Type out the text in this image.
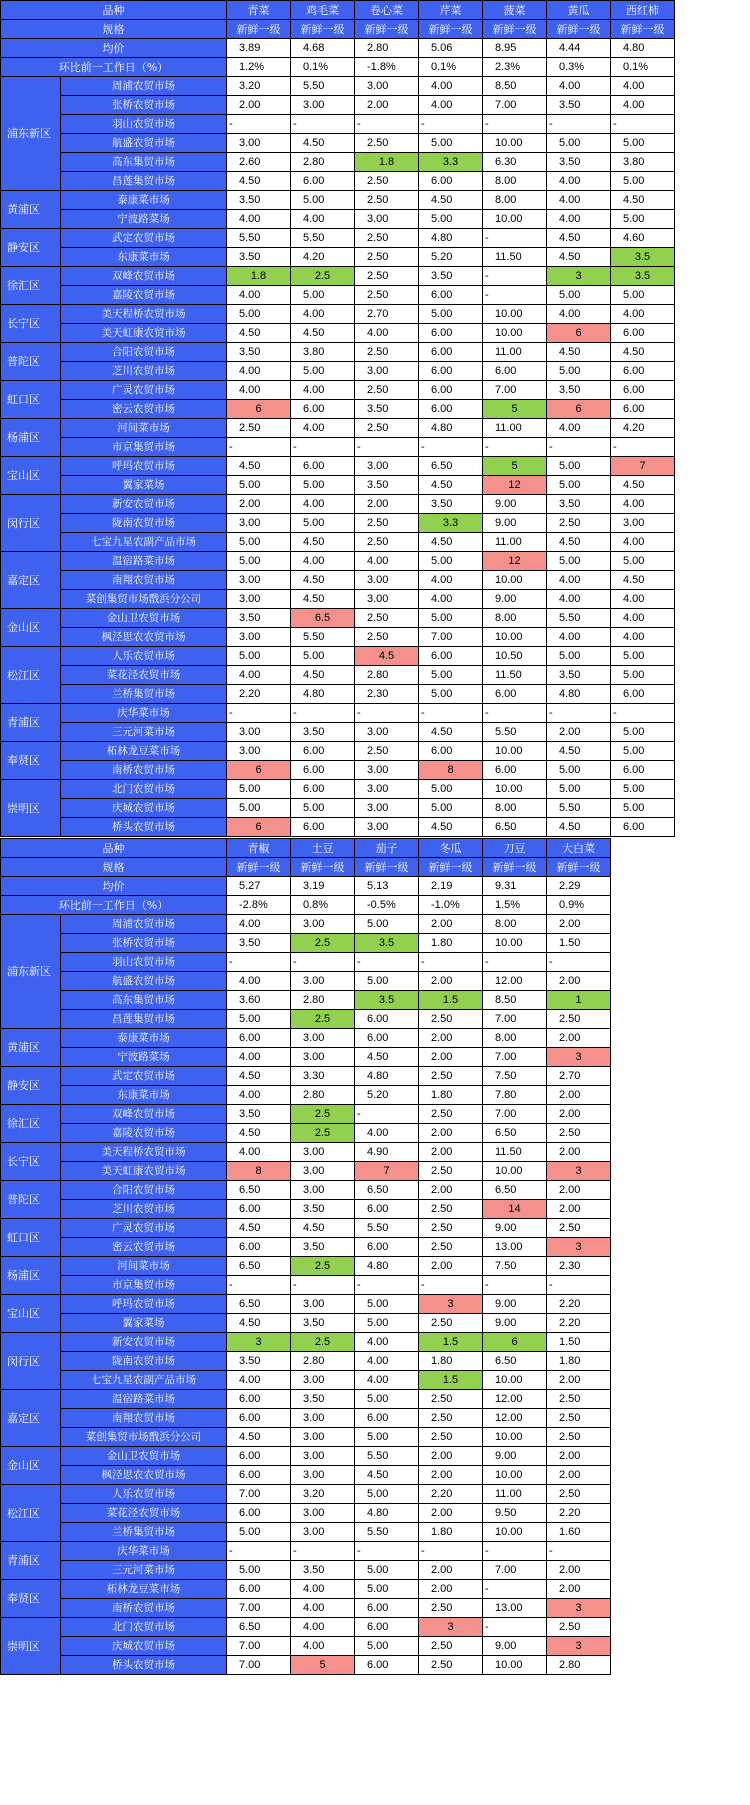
品种		青菜	鸡毛菜	卷心菜	芹菜	菠菜	黄瓜	西红柿
规格		新鲜一级	新鲜一级	新鲜一级	新鲜一级	新鲜一级	新鲜一级	新鲜一级
均价		3.89	4.68	2.80	5.06	8.95	4.44	4.80
环比前一工作日（%）		1.2%	0.1%	-1.8%	0.1%	2.3%	0.3%	0.1%
浦东新区	周浦农贸市场	3.20	5.50	3.00	4.00	8.50	4.00	4.00
	张桥农贸市场	2.00	3.00	2.00	4.00	7.00	3.50	4.00
	羽山农贸市场	-	-	-	-	-	-	-
	航盛农贸市场	3.00	4.50	2.50	5.00	10.00	5.00	5.00
	高东集贸市场	2.60	2.80	1.8	3.3	6.30	3.50	3.80
	昌莲集贸市场	4.50	6.00	2.50	6.00	8.00	4.00	5.00
黄浦区	泰康菜市场	3.50	5.00	2.50	4.50	8.00	4.00	4.50
	宁波路菜场	4.00	4.00	3.00	5.00	10.00	4.00	5.00
静安区	武定农贸市场	5.50	5.50	2.50	4.80	-	4.50	4.60
	东康菜市场	3.50	4.20	2.50	5.20	11.50	4.50	3.5
徐汇区	双峰农贸市场	1.8	2.5	2.50	3.50	-	3	3.5
	嘉陵农贸市场	4.00	5.00	2.50	6.00	-	5.00	5.00
长宁区	美天程桥农贸市场	5.00	4.00	2.70	5.00	10.00	4.00	4.00
	美天虹康农贸市场	4.50	4.50	4.00	6.00	10.00	6	6.00
普陀区	合阳农贸市场	3.50	3.80	2.50	6.00	11.00	4.50	4.50
	芝川农贸市场	4.00	5.00	3.00	6.00	6.00	5.00	6.00
虹口区	广灵农贸市场	4.00	4.00	2.50	6.00	7.00	3.50	6.00
	密云农贸市场	6	6.00	3.50	6.00	5	6	6.00
杨浦区	河间菜市场	2.50	4.00	2.50	4.80	11.00	4.00	4.20
	市京集贸市场	-	-	-	-	-	-	-
宝山区	呼玛农贸市场	4.50	6.00	3.00	6.50	5	5.00	7
	翼家菜场	5.00	5.00	3.50	4.50	12	5.00	4.50
闵行区	新安农贸市场	2.00	4.00	2.00	3.50	9.00	3.50	4.00
	陇南农贸市场	3.00	5.00	2.50	3.3	9.00	2.50	3.00
	七宝九星农副产品市场	5.00	4.50	2.50	4.50	11.00	4.50	4.00
嘉定区	温宿路菜市场	5.00	4.00	4.00	5.00	12	5.00	5.00
	南翔农贸市场	3.00	4.50	3.00	4.00	10.00	4.00	4.50
	菜创集贸市场戬浜分公司	3.00	4.50	3.00	4.00	9.00	4.00	4.00
金山区	金山卫农贸市场	3.50	6.5	2.50	5.00	8.00	5.50	4.00
	枫泾思农农贸市场	3.00	5.50	2.50	7.00	10.00	4.00	4.00
松江区	人乐农贸市场	5.00	5.00	4.5	6.00	10.50	5.00	5.00
	菜花泾农贸市场	4.00	4.50	2.80	5.00	11.50	3.50	5.00
	兰桥集贸市场	2.20	4.80	2.30	5.00	6.00	4.80	6.00
青浦区	庆华菜市场	-	-	-	-	-	-	-
	三元河菜市场	3.00	3.50	3.00	4.50	5.50	2.00	5.00
奉贤区	柘林龙豆菜市场	3.00	6.00	2.50	6.00	10.00	4.50	5.00
	南桥农贸市场	6	6.00	3.00	8	6.00	5.00	6.00
崇明区	北门农贸市场	5.00	6.00	3.00	5.00	10.00	5.00	5.00
	庆城农贸市场	5.00	5.00	3.00	5.00	8.00	5.50	5.00
	桥头农贸市场	6	6.00	3.00	4.50	6.50	4.50	6.00
品种		青椒	土豆	茄子	冬瓜	刀豆	大白菜
规格		新鲜一级	新鲜一级	新鲜一级	新鲜一级	新鲜一级	新鲜一级
均价		5.27	3.19	5.13	2.19	9.31	2.29
环比前一工作日（%）		-2.8%	0.8%	-0.5%	-1.0%	1.5%	0.9%
浦东新区	周浦农贸市场	4.00	3.00	5.00	2.00	8.00	2.00
	张桥农贸市场	3.50	2.5	3.5	1.80	10.00	1.50
	羽山农贸市场	-	-	-	-	-	-
	航盛农贸市场	4.00	3.00	5.00	2.00	12.00	2.00
	高东集贸市场	3.60	2.80	3.5	1.5	8.50	1
	昌莲集贸市场	5.00	2.5	6.00	2.50	7.00	2.50
黄浦区	泰康菜市场	6.00	3.00	6.00	2.00	8.00	2.00
	宁波路菜场	4.00	3.00	4.50	2.00	7.00	3
静安区	武定农贸市场	4.50	3.30	4.80	2.50	7.50	2.70
	东康菜市场	4.00	2.80	5.20	1.80	7.80	2.00
徐汇区	双峰农贸市场	3.50	2.5	-	2.50	7.00	2.00
	嘉陵农贸市场	4.50	2.5	4.00	2.00	6.50	2.50
长宁区	美天程桥农贸市场	4.00	3.00	4.90	2.00	11.50	2.00
	美天虹康农贸市场	8	3.00	7	2.50	10.00	3
普陀区	合阳农贸市场	6.50	3.00	6.50	2.00	6.50	2.00
	芝川农贸市场	6.00	3.50	6.00	2.50	14	2.00
虹口区	广灵农贸市场	4.50	4.50	5.50	2.50	9.00	2.50
	密云农贸市场	6.00	3.50	6.00	2.50	13.00	3
杨浦区	河间菜市场	6.50	2.5	4.80	2.00	7.50	2.30
	市京集贸市场	-	-	-	-	-	-
宝山区	呼玛农贸市场	6.50	3.00	5.00	3	9.00	2.20
	翼家菜场	4.50	3.50	5.00	2.50	9.00	2.20
闵行区	新安农贸市场	3	2.5	4.00	1.5	6	1.50
	陇南农贸市场	3.50	2.80	4.00	1.80	6.50	1.80
	七宝九星农副产品市场	4.00	3.00	4.00	1.5	10.00	2.00
嘉定区	温宿路菜市场	6.00	3.50	5.00	2.50	12.00	2.50
	南翔农贸市场	6.00	3.00	6.00	2.50	12.00	2.50
	菜创集贸市场戬浜分公司	4.50	3.00	5.00	2.50	10.00	2.50
金山区	金山卫农贸市场	6.00	3.00	5.50	2.00	9.00	2.00
	枫泾思农农贸市场	6.00	3.00	4.50	2.00	10.00	2.00
松江区	人乐农贸市场	7.00	3.20	5.00	2.20	11.00	2.50
	菜花泾农贸市场	6.00	3.00	4.80	2.00	9.50	2.20
	兰桥集贸市场	5.00	3.00	5.50	1.80	10.00	1.60
青浦区	庆华菜市场	-	-	-	-	-	-
	三元河菜市场	5.00	3.50	5.00	2.00	7.00	2.00
奉贤区	柘林龙豆菜市场	6.00	4.00	5.00	2.00	-	2.00
	南桥农贸市场	7.00	4.00	6.00	2.50	13.00	3
崇明区	北门农贸市场	6.50	4.00	6.00	3	-	2.50
	庆城农贸市场	7.00	4.00	5.00	2.50	9.00	3
	桥头农贸市场	7.00	5	6.00	2.50	10.00	2.80
